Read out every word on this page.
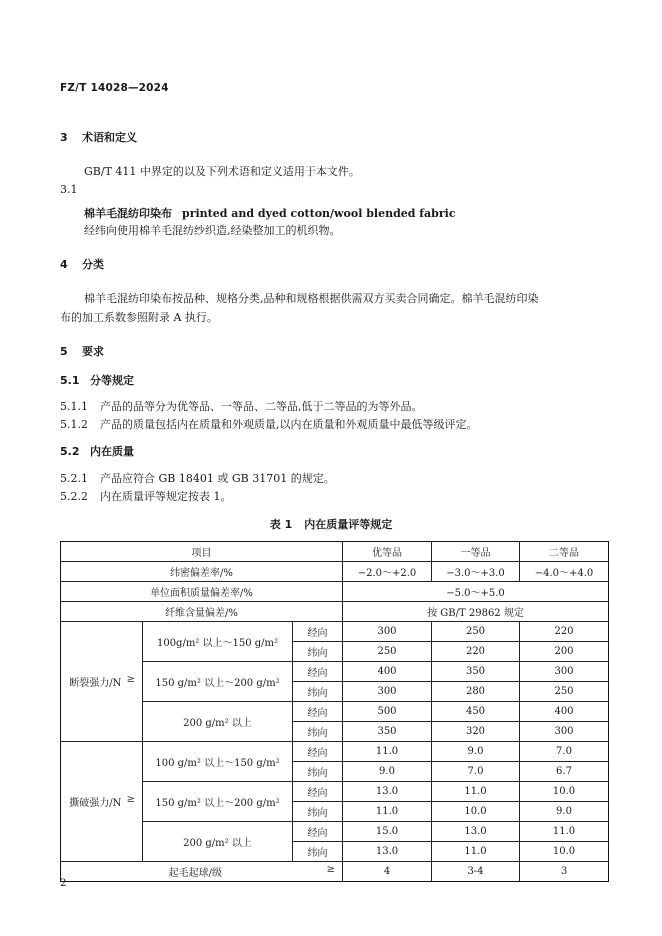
FZ/T 14028—2024
3 术语和定义
GB/T 411 中界定的以及下列术语和定义适用于本文件。
3.1
棉羊毛混纺印染布 printed and dyed cotton/wool blended fabric
经纬向使用棉羊毛混纺纱织造,经染整加工的机织物。
4 分类
棉羊毛混纺印染布按品种、规格分类,品种和规格根据供需双方买卖合同确定。棉羊毛混纺印染
布的加工系数参照附录 A 执行。
5 要求
5.1 分等规定
5.1.1 产品的品等分为优等品、一等品、二等品,低于二等品的为等外品。
5.1.2 产品的质量包括内在质量和外观质量,以内在质量和外观质量中最低等级评定。
5.2 内在质量
5.2.1 产品应符合 GB 18401 或 GB 31701 的规定。
5.2.2 内在质量评等规定按表 1。
表 1 内在质量评等规定
项目			优等品	一等品	二等品
纬密偏差率/%			−2.0～+2.0	−3.0～+3.0	−4.0～+4.0
单位面积质量偏差率/%			−5.0～+5.0		
纤维含量偏差/%			按 GB/T 29862 规定		
断裂强力/N ≥	100g/m² 以上～150 g/m²	经向	300	250	220
		纬向	250	220	200
	150 g/m² 以上～200 g/m²	经向	400	350	300
		纬向	300	280	250
	200 g/m² 以上	经向	500	450	400
		纬向	350	320	300
撕破强力/N ≥	100 g/m² 以上～150 g/m²	经向	11.0	9.0	7.0
		纬向	9.0	7.0	6.7
	150 g/m² 以上～200 g/m²	经向	13.0	11.0	10.0
		纬向	11.0	10.0	9.0
	200 g/m² 以上	经向	15.0	13.0	11.0
		纬向	13.0	11.0	10.0
起毛起球/级 ≥			4	3-4	3
2
